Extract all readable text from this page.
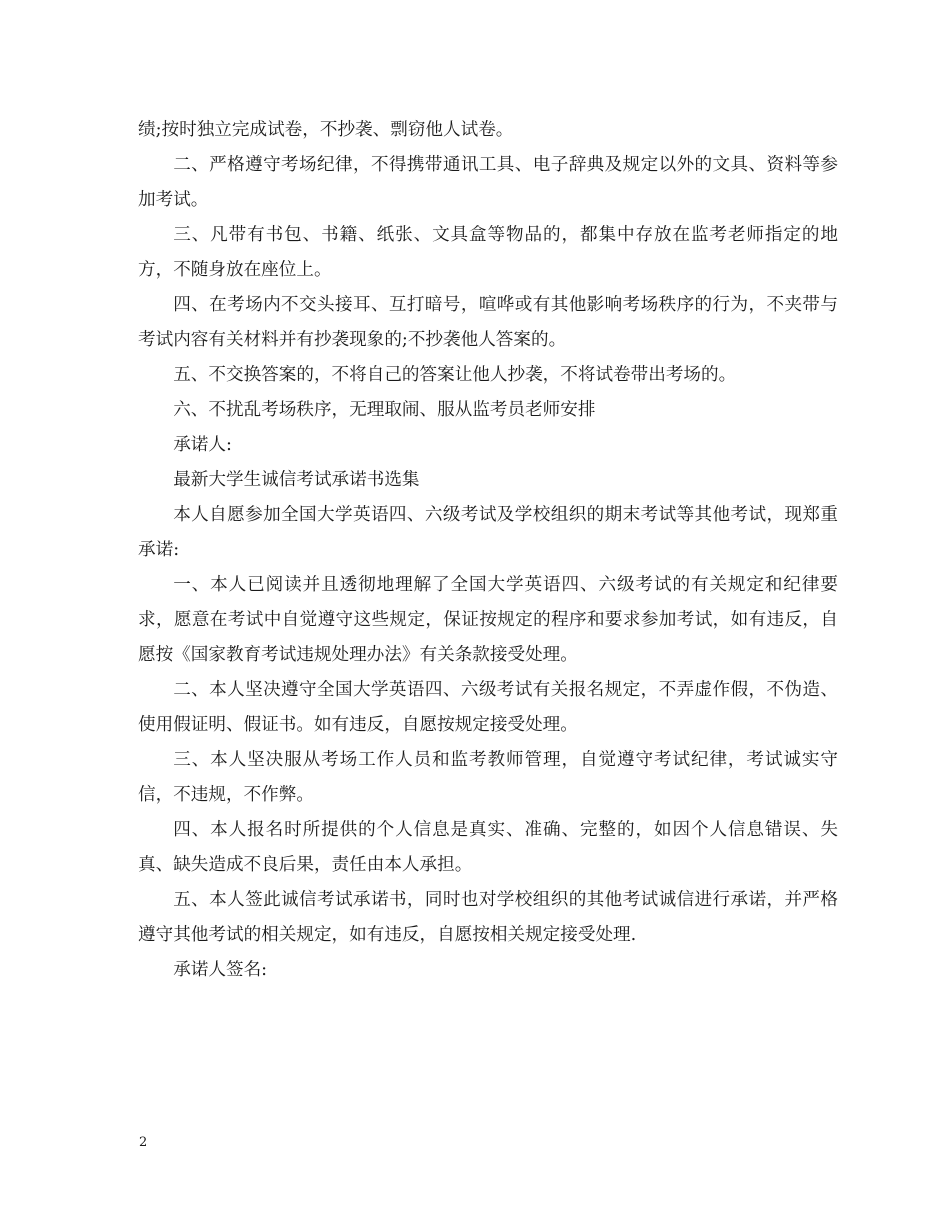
绩;按时独立完成试卷，不抄袭、剽窃他人试卷。

二、严格遵守考场纪律，不得携带通讯工具、电子辞典及规定以外的文具、资料等参加考试。

三、凡带有书包、书籍、纸张、文具盒等物品的，都集中存放在监考老师指定的地方，不随身放在座位上。

四、在考场内不交头接耳、互打暗号，喧哗或有其他影响考场秩序的行为，不夹带与考试内容有关材料并有抄袭现象的;不抄袭他人答案的。

五、不交换答案的，不将自己的答案让他人抄袭，不将试卷带出考场的。

六、不扰乱考场秩序，无理取闹、服从监考员老师安排

承诺人:

最新大学生诚信考试承诺书选集

本人自愿参加全国大学英语四、六级考试及学校组织的期末考试等其他考试，现郑重承诺:

一、本人已阅读并且透彻地理解了全国大学英语四、六级考试的有关规定和纪律要求，愿意在考试中自觉遵守这些规定，保证按规定的程序和要求参加考试，如有违反，自愿按《国家教育考试违规处理办法》有关条款接受处理。

二、本人坚决遵守全国大学英语四、六级考试有关报名规定，不弄虚作假，不伪造、使用假证明、假证书。如有违反，自愿按规定接受处理。

三、本人坚决服从考场工作人员和监考教师管理，自觉遵守考试纪律，考试诚实守信，不违规，不作弊。

四、本人报名时所提供的个人信息是真实、准确、完整的，如因个人信息错误、失真、缺失造成不良后果，责任由本人承担。

五、本人签此诚信考试承诺书，同时也对学校组织的其他考试诚信进行承诺，并严格遵守其他考试的相关规定，如有违反，自愿按相关规定接受处理.

承诺人签名:

2
